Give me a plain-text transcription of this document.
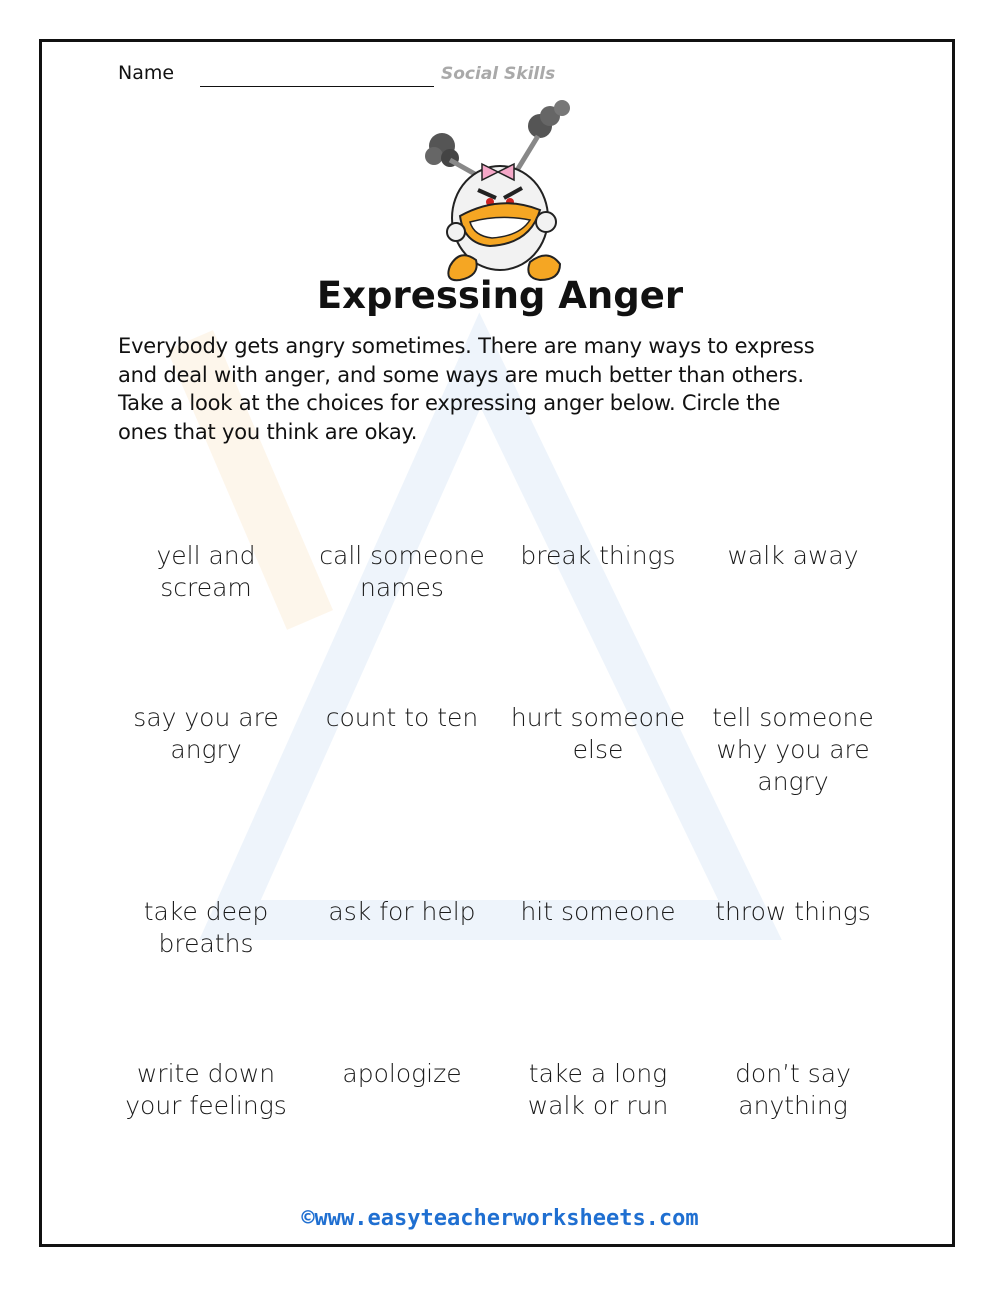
Name	Social Skills
Expressing Anger
Everybody gets angry sometimes. There are many ways to express
and deal with anger, and some ways are much better than others.
Take a look at the choices for expressing anger below. Circle the
ones that you think are okay.
yell and
scream
call someone
names
break things	walk away
say you are
angry
count to ten	hurt someone
else
tell someone
why you are
angry
take deep
breaths
ask for help	hit someone	throw things
write down
your feelings
apologize	take a long
walk or run
don’t say
anything
©www.easyteacherworksheets.com
